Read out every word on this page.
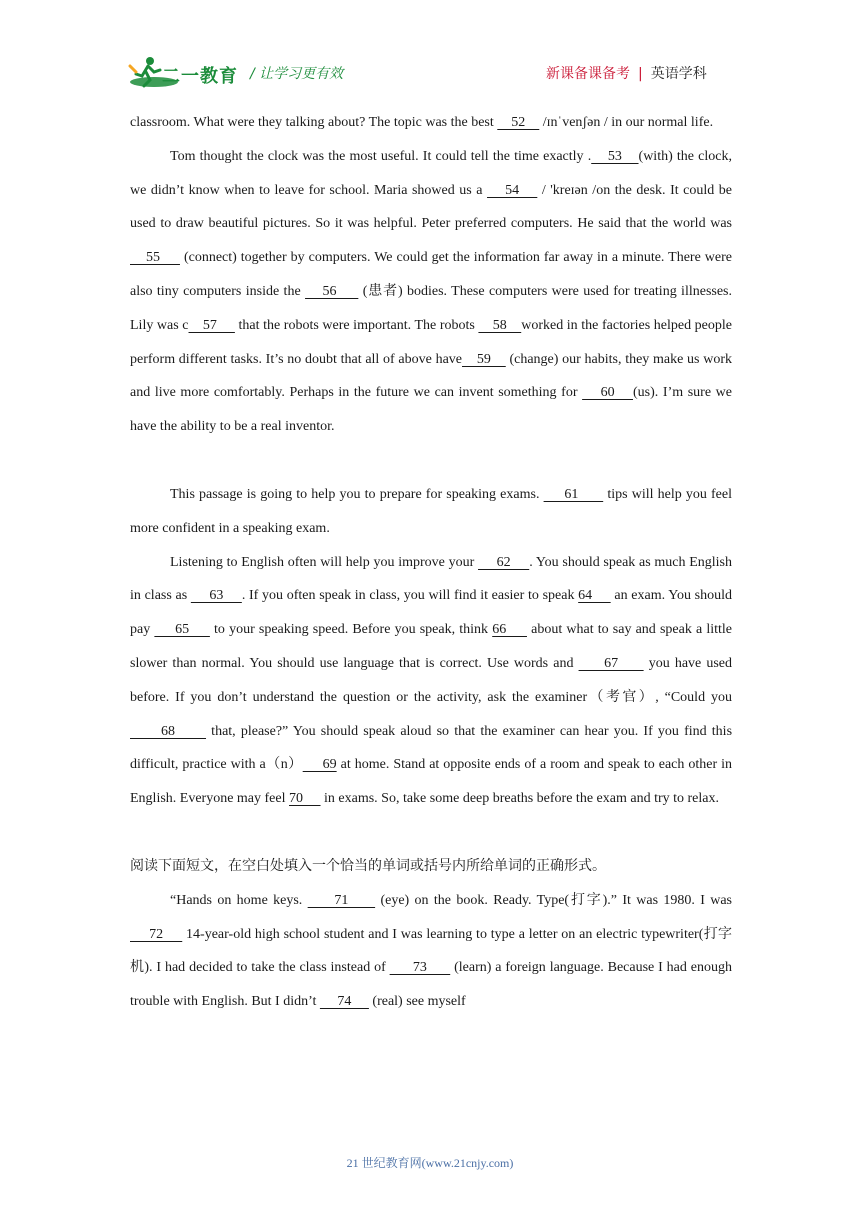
二一教育 / 让学习更有效	新课备课备考 | 英语学科

classroom. What were they talking about? The topic was the best     52     /ɪnˈvenʃən / in our normal life.

Tom thought the clock was the most useful. It could tell the time exactly .    53    (with) the clock, we didn’t know when to leave for school. Maria showed us a     54     / 'kreɪən /on the desk. It could be used to draw beautiful pictures. So it was helpful. Peter preferred computers. He said that the world was     55      (connect) together by computers. We could get the information far away in a minute. There were also tiny computers inside the     56      (患者) bodies. These computers were used for treating illnesses. Lily was c    57      that the robots were important. The robots     58    worked in the factories helped people perform different tasks. It’s no doubt that all of above have    59     (change) our habits, they make us work and live more comfortably. Perhaps in the future we can invent something for     60    (us). I’m sure we have the ability to be a real inventor.

This passage is going to help you to prepare for speaking exams.      61       tips will help you feel more confident in a speaking exam.

Listening to English often will help you improve your      62     . You should speak as much English in class as      63     . If you often speak in class, you will find it easier to speak 64      an exam. You should pay      65      to your speaking speed. Before you speak, think 66      about what to say and speak a little slower than normal. You should use language that is correct. Use words and      67      you have used before. If you don’t understand the question or the activity, ask the examiner（考官）, “Could you       68       that, please?” You should speak aloud so that the examiner can hear you. If you find this difficult, practice with a（n）     69 at home. Stand at opposite ends of a room and speak to each other in English. Everyone may feel 70      in exams. So, take some deep breaths before the exam and try to relax.

阅读下面短文，在空白处填入一个恰当的单词或括号内所给单词的正确形式。

“Hands on home keys.      71      (eye) on the book. Ready. Type(打字).” It was 1980. I was      72      14-year-old high school student and I was learning to type a letter on an electric typewriter(打字机). I had decided to take the class instead of       73       (learn) a foreign language. Because I had enough trouble with English. But I didn’t      74      (real) see myself

21 世纪教育网(www.21cnjy.com)
